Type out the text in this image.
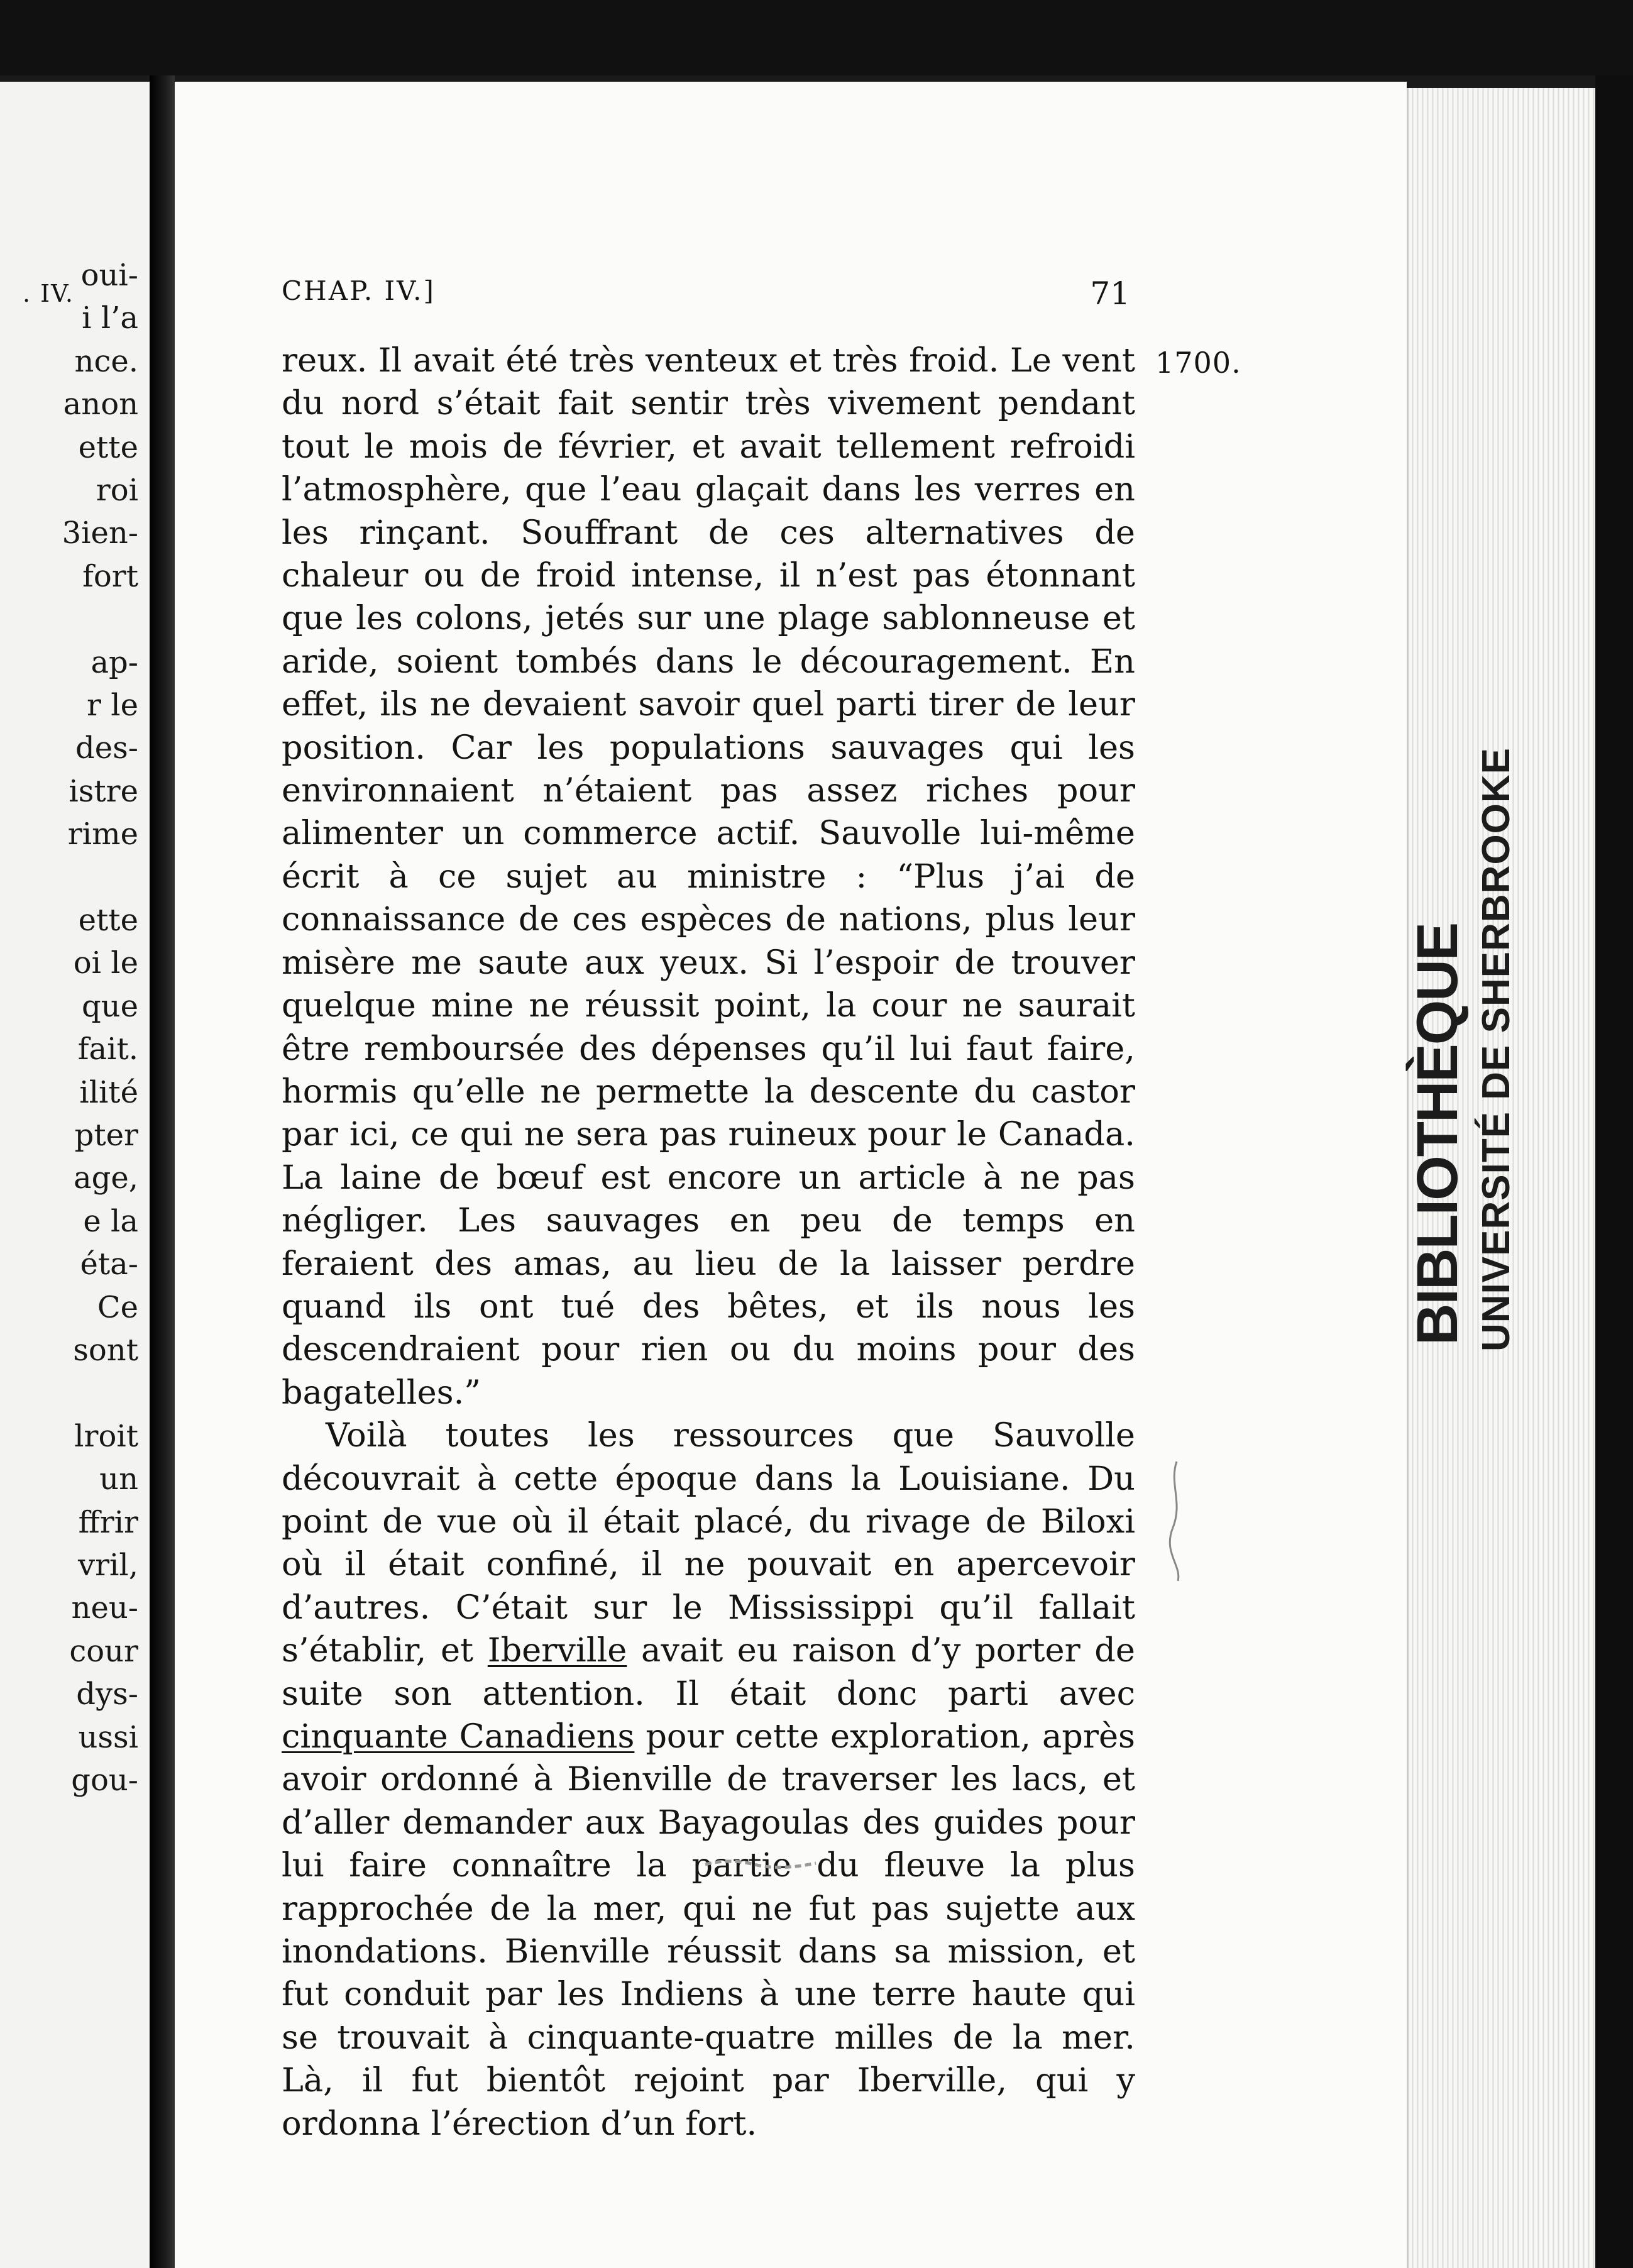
. IV.
oui-
i l’a
nce.
anon
ette
roi
3ien-
fort
ap-
r le
des-
istre
rime
ette
oi le
que
fait.
ilité
pter
age,
e la
éta-
Ce
sont
lroit
un
ffrir
vril,
neu-
cour
dys-
ussi
gou-
CHAP. IV.]	71
1700.

reux. Il avait été très venteux et très froid. Le vent du nord s’était fait sentir très vivement pendant tout le mois de février, et avait tellement refroidi l’atmosphère, que l’eau glaçait dans les verres en les rinçant. Souffrant de ces alternatives de chaleur ou de froid intense, il n’est pas étonnant que les colons, jetés sur une plage sablonneuse et aride, soient tombés dans le découragement. En effet, ils ne devaient savoir quel parti tirer de leur position. Car les populations sauvages qui les environnaient n’étaient pas assez riches pour alimenter un commerce actif. Sauvolle lui-même écrit à ce sujet au ministre : “Plus j’ai de connaissance de ces espèces de nations, plus leur misère me saute aux yeux. Si l’espoir de trouver quelque mine ne réussit point, la cour ne saurait être remboursée des dépenses qu’il lui faut faire, hormis qu’elle ne permette la descente du castor par ici, ce qui ne sera pas ruineux pour le Canada. La laine de bœuf est encore un article à ne pas négliger. Les sauvages en peu de temps en feraient des amas, au lieu de la laisser perdre quand ils ont tué des bêtes, et ils nous les descendraient pour rien ou du moins pour des bagatelles.”

Voilà toutes les ressources que Sauvolle découvrait à cette époque dans la Louisiane. Du point de vue où il était placé, du rivage de Biloxi où il était confiné, il ne pouvait en apercevoir d’autres. C’était sur le Mississippi qu’il fallait s’établir, et Iberville avait eu raison d’y porter de suite son attention. Il était donc parti avec cinquante Canadiens pour cette exploration, après avoir ordonné à Bienville de traverser les lacs, et d’aller demander aux Bayagoulas des guides pour lui faire connaître la partie du fleuve la plus rapprochée de la mer, qui ne fut pas sujette aux inondations. Bienville réussit dans sa mission, et fut conduit par les Indiens à une terre haute qui se trouvait à cinquante-quatre milles de la mer. Là, il fut bientôt rejoint par Iberville, qui y ordonna l’érection d’un fort.

BIBLIOTHÈQUE UNIVERSITÉ DE SHERBROOKE
